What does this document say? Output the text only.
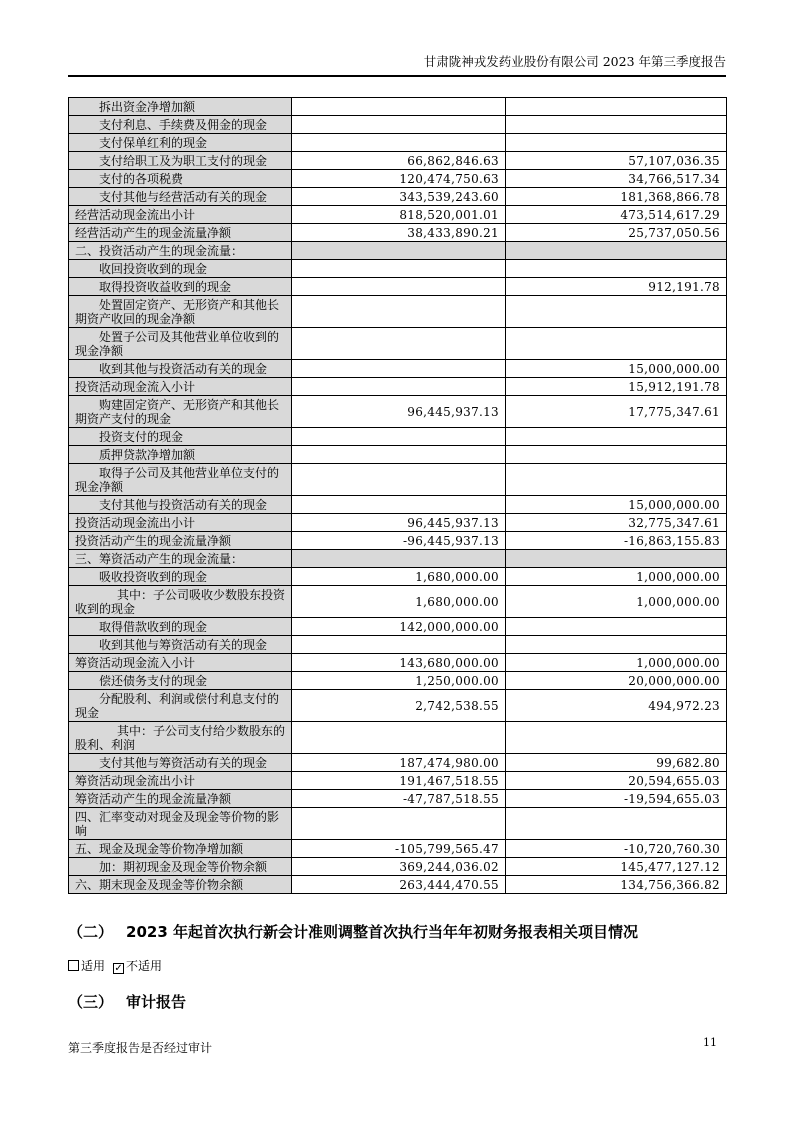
甘肃陇神戎发药业股份有限公司 2023 年第三季度报告
拆出资金净增加额		
支付利息、手续费及佣金的现金		
支付保单红利的现金		
支付给职工及为职工支付的现金	66,862,846.63	57,107,036.35
支付的各项税费	120,474,750.63	34,766,517.34
支付其他与经营活动有关的现金	343,539,243.60	181,368,866.78
经营活动现金流出小计	818,520,001.01	473,514,617.29
经营活动产生的现金流量净额	38,433,890.21	25,737,050.56
二、投资活动产生的现金流量：		
收回投资收到的现金		
取得投资收益收到的现金		912,191.78
处置固定资产、无形资产和其他长期资产收回的现金净额		
处置子公司及其他营业单位收到的现金净额		
收到其他与投资活动有关的现金		15,000,000.00
投资活动现金流入小计		15,912,191.78
购建固定资产、无形资产和其他长期资产支付的现金	96,445,937.13	17,775,347.61
投资支付的现金		
质押贷款净增加额		
取得子公司及其他营业单位支付的现金净额		
支付其他与投资活动有关的现金		15,000,000.00
投资活动现金流出小计	96,445,937.13	32,775,347.61
投资活动产生的现金流量净额	-96,445,937.13	-16,863,155.83
三、筹资活动产生的现金流量：		
吸收投资收到的现金	1,680,000.00	1,000,000.00
其中：子公司吸收少数股东投资收到的现金	1,680,000.00	1,000,000.00
取得借款收到的现金	142,000,000.00	
收到其他与筹资活动有关的现金		
筹资活动现金流入小计	143,680,000.00	1,000,000.00
偿还债务支付的现金	1,250,000.00	20,000,000.00
分配股利、利润或偿付利息支付的现金	2,742,538.55	494,972.23
其中：子公司支付给少数股东的股利、利润		
支付其他与筹资活动有关的现金	187,474,980.00	99,682.80
筹资活动现金流出小计	191,467,518.55	20,594,655.03
筹资活动产生的现金流量净额	-47,787,518.55	-19,594,655.03
四、汇率变动对现金及现金等价物的影响		
五、现金及现金等价物净增加额	-105,799,565.47	-10,720,760.30
加：期初现金及现金等价物余额	369,244,036.02	145,477,127.12
六、期末现金及现金等价物余额	263,444,470.55	134,756,366.82
（二） 2023 年起首次执行新会计准则调整首次执行当年年初财务报表相关项目情况
适用 ✓ 不适用
（三） 审计报告
第三季度报告是否经过审计	11
